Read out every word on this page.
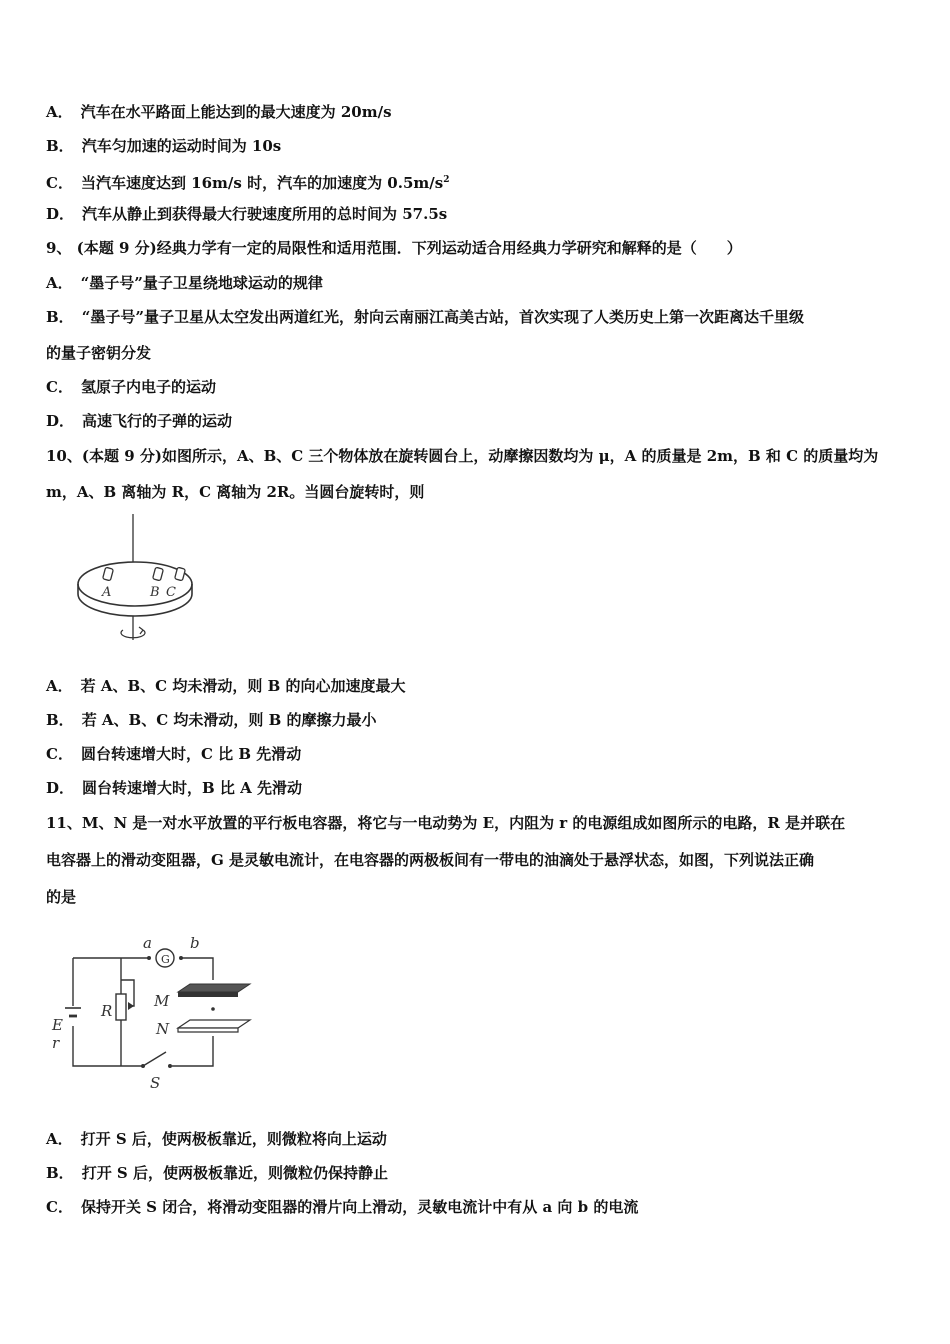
A． 汽车在水平路面上能达到的最大速度为 20m/s
B． 汽车匀加速的运动时间为 10s
C． 当汽车速度达到 16m/s 时，汽车的加速度为 $0.5m/s^2$
D． 汽车从静止到获得最大行驶速度所用的总时间为 57.5s
9、 (本题 9 分)经典力学有一定的局限性和适用范围．下列运动适合用经典力学研究和解释的是（　　）
A． “墨子号”量子卫星绕地球运动的规律
B． “墨子号”量子卫星从太空发出两道红光，射向云南丽江高美古站，首次实现了人类历史上第一次距离达千里级
的量子密钥分发
C． 氢原子内电子的运动
D． 高速飞行的子弹的运动
10、(本题 9 分)如图所示，A、B、C 三个物体放在旋转圆台上，动摩擦因数均为 μ，A 的质量是 2m，B 和 C 的质量均为
m，A、B 离轴为 R，C 离轴为 2R。当圆台旋转时，则
A	B C
A． 若 A、B、C 均未滑动，则 B 的向心加速度最大
B． 若 A、B、C 均未滑动，则 B 的摩擦力最小
C． 圆台转速增大时，C 比 B 先滑动
D． 圆台转速增大时，B 比 A 先滑动
11、M、N 是一对水平放置的平行板电容器，将它与一电动势为 E，内阻为 r 的电源组成如图所示的电路，R 是并联在
电容器上的滑动变阻器，G 是灵敏电流计，在电容器的两极板间有一带电的油滴处于悬浮状态，如图，下列说法正确
的是
a	b
G
M
N
R
E
r
S
A． 打开 S 后，使两极板靠近，则微粒将向上运动
B． 打开 S 后，使两极板靠近，则微粒仍保持静止
C． 保持开关 S 闭合，将滑动变阻器的滑片向上滑动，灵敏电流计中有从 a 向 b 的电流
